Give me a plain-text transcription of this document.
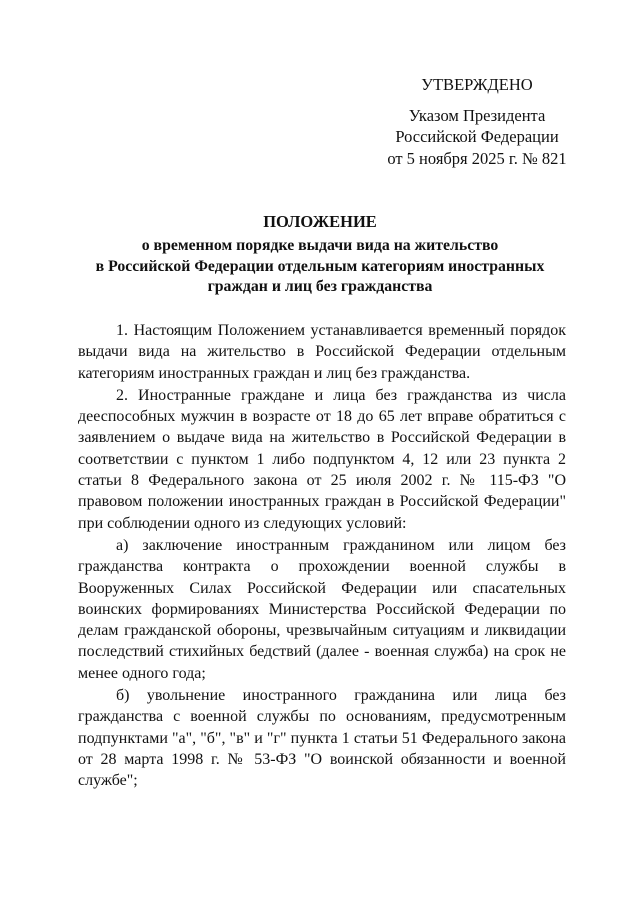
УТВЕРЖДЕНО
Указом Президента
Российской Федерации
от 5 ноября 2025 г. № 821
ПОЛОЖЕНИЕ
о временном порядке выдачи вида на жительство
в Российской Федерации отдельным категориям иностранных
граждан и лиц без гражданства

1. Настоящим Положением устанавливается временный порядок выдачи вида на жительство в Российской Федерации отдельным категориям иностранных граждан и лиц без гражданства.

2. Иностранные граждане и лица без гражданства из числа дееспособных мужчин в возрасте от 18 до 65 лет вправе обратиться с заявлением о выдаче вида на жительство в Российской Федерации в соответствии с пунктом 1 либо подпунктом 4, 12 или 23 пункта 2 статьи 8 Федерального закона от 25 июля 2002 г. № 115-ФЗ "О правовом положении иностранных граждан в Российской Федерации" при соблюдении одного из следующих условий:

а) заключение иностранным гражданином или лицом без гражданства контракта о прохождении военной службы в Вооруженных Силах Российской Федерации или спасательных воинских формированиях Министерства Российской Федерации по делам гражданской обороны, чрезвычайным ситуациям и ликвидации последствий стихийных бедствий (далее - военная служба) на срок не менее одного года;

б) увольнение иностранного гражданина или лица без гражданства с военной службы по основаниям, предусмотренным подпунктами "а", "б", "в" и "г" пункта 1 статьи 51 Федерального закона от 28 марта 1998 г. № 53-ФЗ "О воинской обязанности и военной службе";
